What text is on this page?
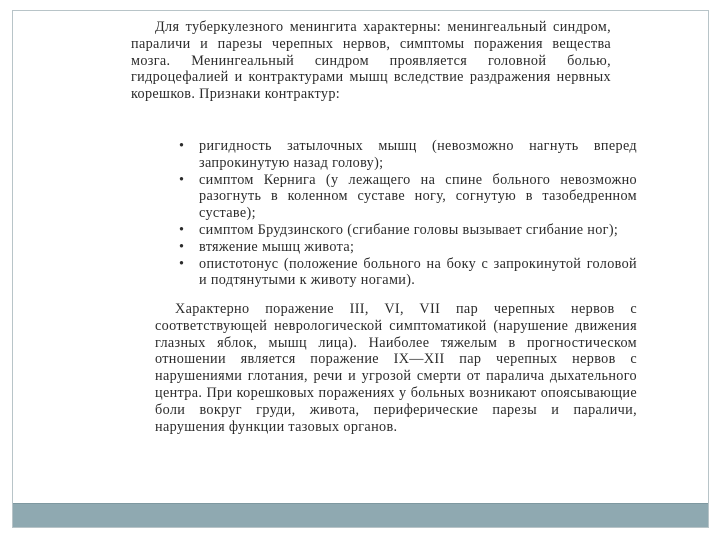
Для туберкулезного менингита характерны: менингеальный синдром, параличи и парезы черепных нервов, симптомы поражения вещества мозга. Менингеальный синдром проявляется головной болью, гидроцефалией и контрактурами мышц вследствие раздражения нервных корешков. Признаки контрактур:

• ригидность затылочных мышц (невозможно нагнуть вперед запрокинутую назад голову);
• симптом Кернига (у лежащего на спине больного невозможно разогнуть в коленном суставе ногу, согнутую в тазобедренном суставе);
• симптом Брудзинского (сгибание головы вызывает сгибание ног);
• втяжение мышц живота;
• опистотонус (положение больного на боку с запрокинутой головой и подтянутыми к животу ногами).

Характерно поражение III, VI, VII пар черепных нервов с соответствующей неврологической симптоматикой (нарушение движения глазных яблок, мышц лица). Наиболее тяжелым в прогностическом отношении является поражение IX—XII пар черепных нервов с нарушениями глотания, речи и угрозой смерти от паралича дыхательного центра. При корешковых поражениях у больных возникают опоясывающие боли вокруг груди, живота, периферические парезы и параличи, нарушения функции тазовых органов.
